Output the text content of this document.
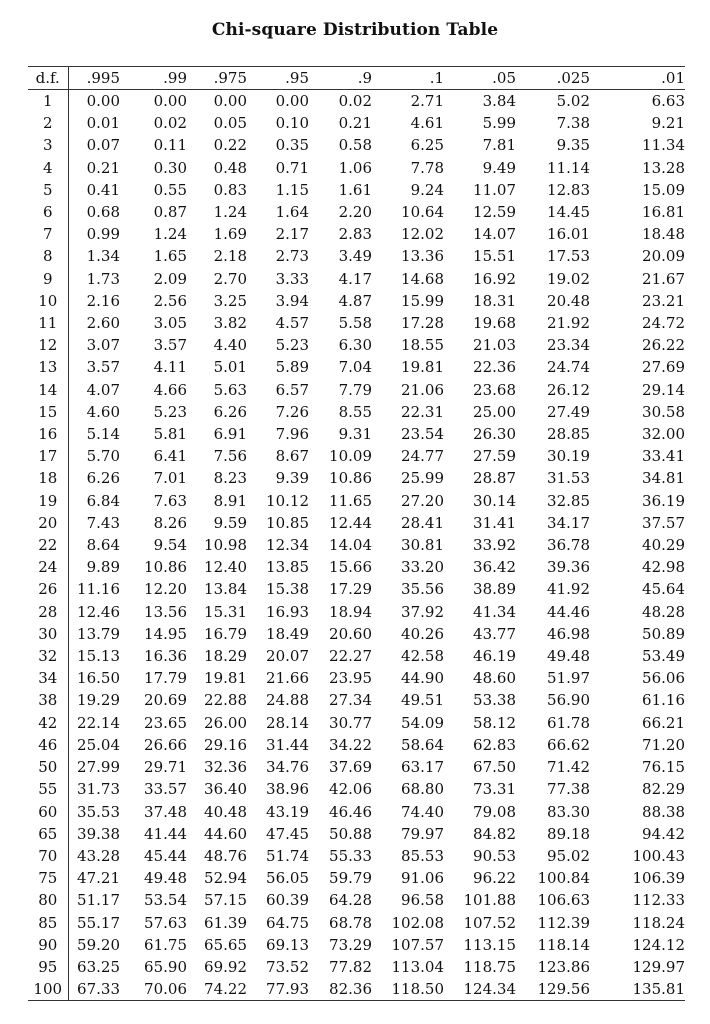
Chi-square Distribution Table
d.f.	.995	.99	.975	.95	.9	.1	.05	.025	.01
1	0.00	0.00	0.00	0.00	0.02	2.71	3.84	5.02	6.63
2	0.01	0.02	0.05	0.10	0.21	4.61	5.99	7.38	9.21
3	0.07	0.11	0.22	0.35	0.58	6.25	7.81	9.35	11.34
4	0.21	0.30	0.48	0.71	1.06	7.78	9.49	11.14	13.28
5	0.41	0.55	0.83	1.15	1.61	9.24	11.07	12.83	15.09
6	0.68	0.87	1.24	1.64	2.20	10.64	12.59	14.45	16.81
7	0.99	1.24	1.69	2.17	2.83	12.02	14.07	16.01	18.48
8	1.34	1.65	2.18	2.73	3.49	13.36	15.51	17.53	20.09
9	1.73	2.09	2.70	3.33	4.17	14.68	16.92	19.02	21.67
10	2.16	2.56	3.25	3.94	4.87	15.99	18.31	20.48	23.21
11	2.60	3.05	3.82	4.57	5.58	17.28	19.68	21.92	24.72
12	3.07	3.57	4.40	5.23	6.30	18.55	21.03	23.34	26.22
13	3.57	4.11	5.01	5.89	7.04	19.81	22.36	24.74	27.69
14	4.07	4.66	5.63	6.57	7.79	21.06	23.68	26.12	29.14
15	4.60	5.23	6.26	7.26	8.55	22.31	25.00	27.49	30.58
16	5.14	5.81	6.91	7.96	9.31	23.54	26.30	28.85	32.00
17	5.70	6.41	7.56	8.67	10.09	24.77	27.59	30.19	33.41
18	6.26	7.01	8.23	9.39	10.86	25.99	28.87	31.53	34.81
19	6.84	7.63	8.91	10.12	11.65	27.20	30.14	32.85	36.19
20	7.43	8.26	9.59	10.85	12.44	28.41	31.41	34.17	37.57
22	8.64	9.54	10.98	12.34	14.04	30.81	33.92	36.78	40.29
24	9.89	10.86	12.40	13.85	15.66	33.20	36.42	39.36	42.98
26	11.16	12.20	13.84	15.38	17.29	35.56	38.89	41.92	45.64
28	12.46	13.56	15.31	16.93	18.94	37.92	41.34	44.46	48.28
30	13.79	14.95	16.79	18.49	20.60	40.26	43.77	46.98	50.89
32	15.13	16.36	18.29	20.07	22.27	42.58	46.19	49.48	53.49
34	16.50	17.79	19.81	21.66	23.95	44.90	48.60	51.97	56.06
38	19.29	20.69	22.88	24.88	27.34	49.51	53.38	56.90	61.16
42	22.14	23.65	26.00	28.14	30.77	54.09	58.12	61.78	66.21
46	25.04	26.66	29.16	31.44	34.22	58.64	62.83	66.62	71.20
50	27.99	29.71	32.36	34.76	37.69	63.17	67.50	71.42	76.15
55	31.73	33.57	36.40	38.96	42.06	68.80	73.31	77.38	82.29
60	35.53	37.48	40.48	43.19	46.46	74.40	79.08	83.30	88.38
65	39.38	41.44	44.60	47.45	50.88	79.97	84.82	89.18	94.42
70	43.28	45.44	48.76	51.74	55.33	85.53	90.53	95.02	100.43
75	47.21	49.48	52.94	56.05	59.79	91.06	96.22	100.84	106.39
80	51.17	53.54	57.15	60.39	64.28	96.58	101.88	106.63	112.33
85	55.17	57.63	61.39	64.75	68.78	102.08	107.52	112.39	118.24
90	59.20	61.75	65.65	69.13	73.29	107.57	113.15	118.14	124.12
95	63.25	65.90	69.92	73.52	77.82	113.04	118.75	123.86	129.97
100	67.33	70.06	74.22	77.93	82.36	118.50	124.34	129.56	135.81
